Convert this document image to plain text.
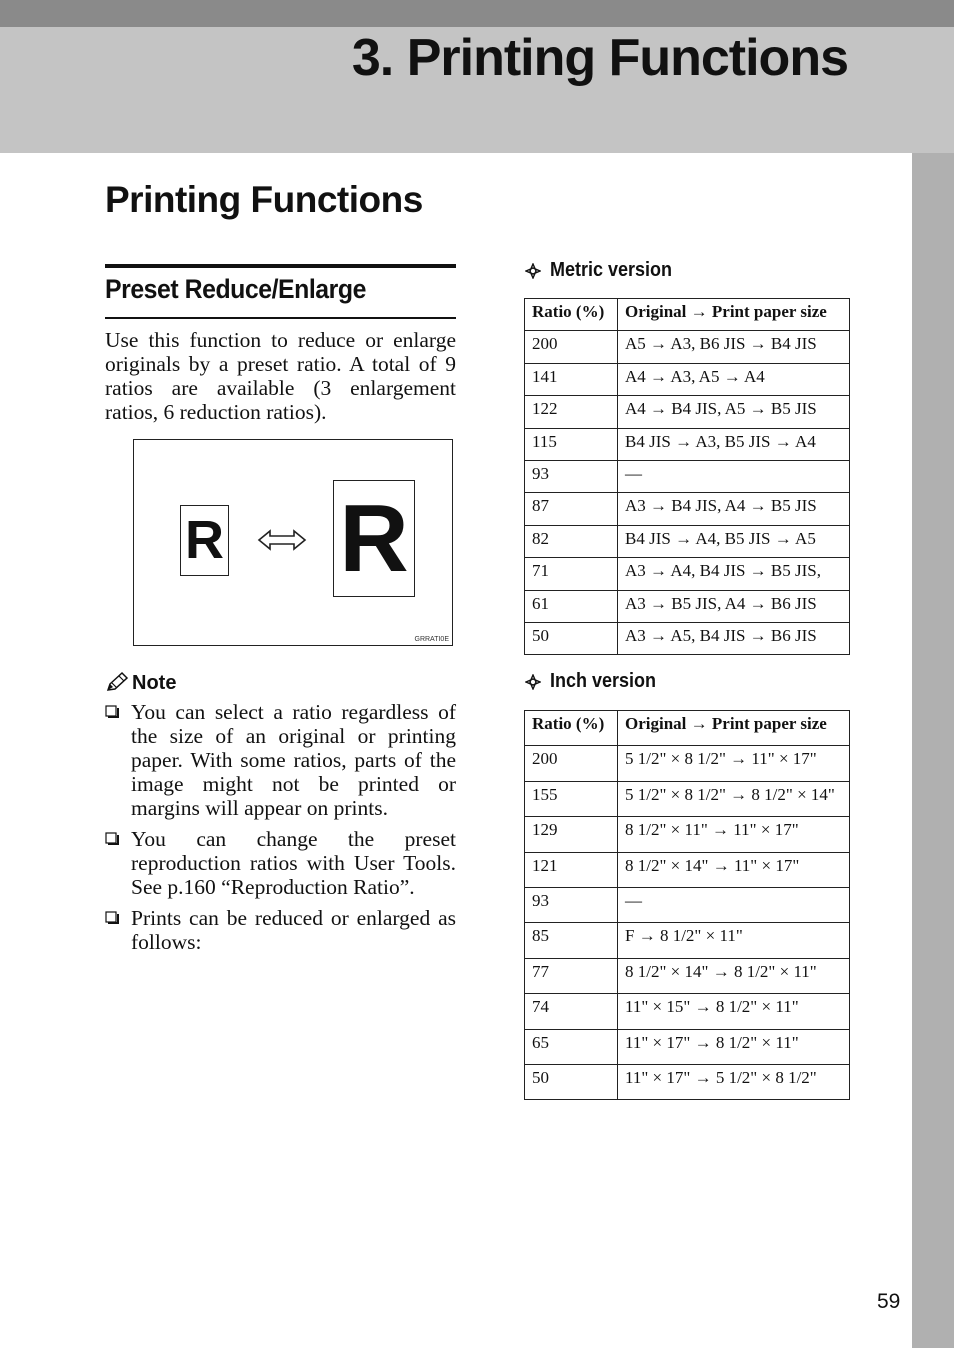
3. Printing Functions
Printing Functions
Preset Reduce/Enlarge

Use this function to reduce or enlarge originals by a preset ratio. A total of 9 ratios are available (3 enlargement ratios, 6 reduction ratios).

R R
GRRATI0E
Note
You can select a ratio regardless of the size of an original or printing paper. With some ratios, parts of the image might not be printed or margins will appear on prints.
You can change the preset reproduction ratios with User Tools. See p.160 “Reproduction Ratio”.
Prints can be reduced or enlarged as follows:
Metric version
Ratio (%)	Original → Print paper size
200	A5 → A3, B6 JIS → B4 JIS
141	A4 → A3, A5 → A4
122	A4 → B4 JIS, A5 → B5 JIS
115	B4 JIS → A3, B5 JIS → A4
93	—
87	A3 → B4 JIS, A4 → B5 JIS
82	B4 JIS → A4, B5 JIS → A5
71	A3 → A4, B4 JIS → B5 JIS,
61	A3 → B5 JIS, A4 → B6 JIS
50	A3 → A5, B4 JIS → B6 JIS
Inch version
Ratio (%)	Original → Print paper size
200	5 1/2" × 8 1/2" → 11" × 17"
155	5 1/2" × 8 1/2" → 8 1/2" × 14"
129	8 1/2" × 11" → 11" × 17"
121	8 1/2" × 14" → 11" × 17"
93	—
85	F → 8 1/2" × 11"
77	8 1/2" × 14" → 8 1/2" × 11"
74	11" × 15" → 8 1/2" × 11"
65	11" × 17" → 8 1/2" × 11"
50	11" × 17" → 5 1/2" × 8 1/2"
59
